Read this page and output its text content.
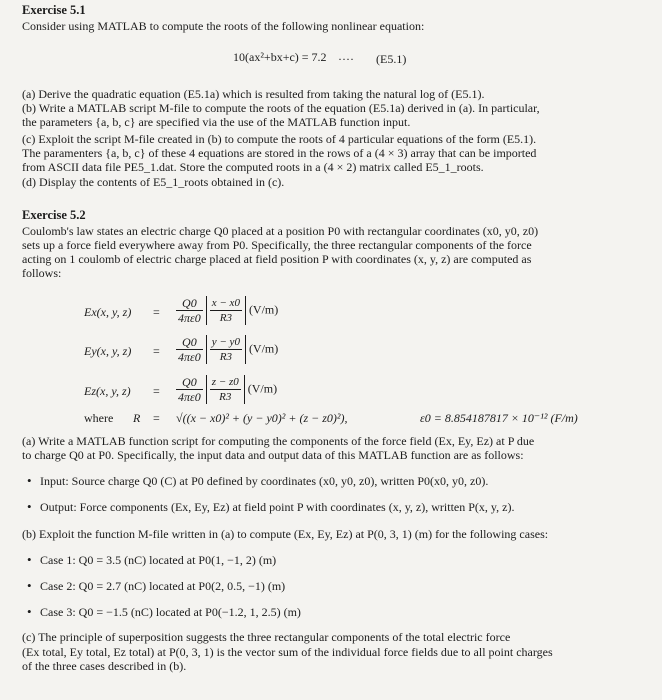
Exercise 5.1
Consider using MATLAB to compute the roots of the following nonlinear equation:
10(ax²+bx+c) = 7.2 ···· (E5.1)
(a) Derive the quadratic equation (E5.1a) which is resulted from taking the natural log of (E5.1).
(b) Write a MATLAB script M-file to compute the roots of the equation (E5.1a) derived in (a). In particular,
the parameters {a, b, c} are specified via the use of the MATLAB function input.
(c) Exploit the script M-file created in (b) to compute the roots of 4 particular equations of the form (E5.1).
The paramenters {a, b, c} of these 4 equations are stored in the rows of a (4 × 3) array that can be imported
from ASCII data file PE5_1.dat. Store the computed roots in a (4 × 2) matrix called E5_1_roots.
(d) Display the contents of E5_1_roots obtained in (c).
Exercise 5.2
Coulomb's law states an electric charge Q0 placed at a position P0 with rectangular coordinates (x0, y0, z0)
sets up a force field everywhere away from P0. Specifically, the three rectangular components of the force
acting on 1 coulomb of electric charge placed at field position P with coordinates (x, y, z) are computed as
follows:
Ex(x, y, $z) = \frac{Q0}{4\pi\varepsilon 0}$
$\frac{x - x0}{R3} (V/m)$
Ey(x, y, $z) = \frac{Q0}{4\pi\varepsilon 0}$
$\frac{y - y0}{R3} (V/m)$
Ez(x, y, $z) = \frac{Q0}{4\pi\varepsilon 0}$
$\frac{z - z0}{R3} (V/m)$
where R = √((x − x0)² + (y − y0)² + (z − z0)²),	ε0 = 8.854187817 × 10⁻¹² (F/m)
(a) Write a MATLAB function script for computing the components of the force field (Ex, Ey, Ez) at P due
to charge Q0 at P0. Specifically, the input data and output data of this MATLAB function are as follows:
• Input: Source charge Q0 (C) at P0 defined by coordinates (x0, y0, z0), written P0(x0, y0, z0).
• Output: Force components (Ex, Ey, Ez) at field point P with coordinates (x, y, z), written P(x, y, z).
(b) Exploit the function M-file written in (a) to compute (Ex, Ey, Ez) at P(0, 3, 1) (m) for the following cases:
• Case 1: Q0 = 3.5 (nC) located at P0(1, −1, 2) (m)
• Case 2: Q0 = 2.7 (nC) located at P0(2, 0.5, −1) (m)
• Case 3: Q0 = −1.5 (nC) located at P0(−1.2, 1, 2.5) (m)
(c) The principle of superposition suggests the three rectangular components of the total electric force
(Ex total, Ey total, Ez total) at P(0, 3, 1) is the vector sum of the individual force fields due to all point charges
of the three cases described in (b).
